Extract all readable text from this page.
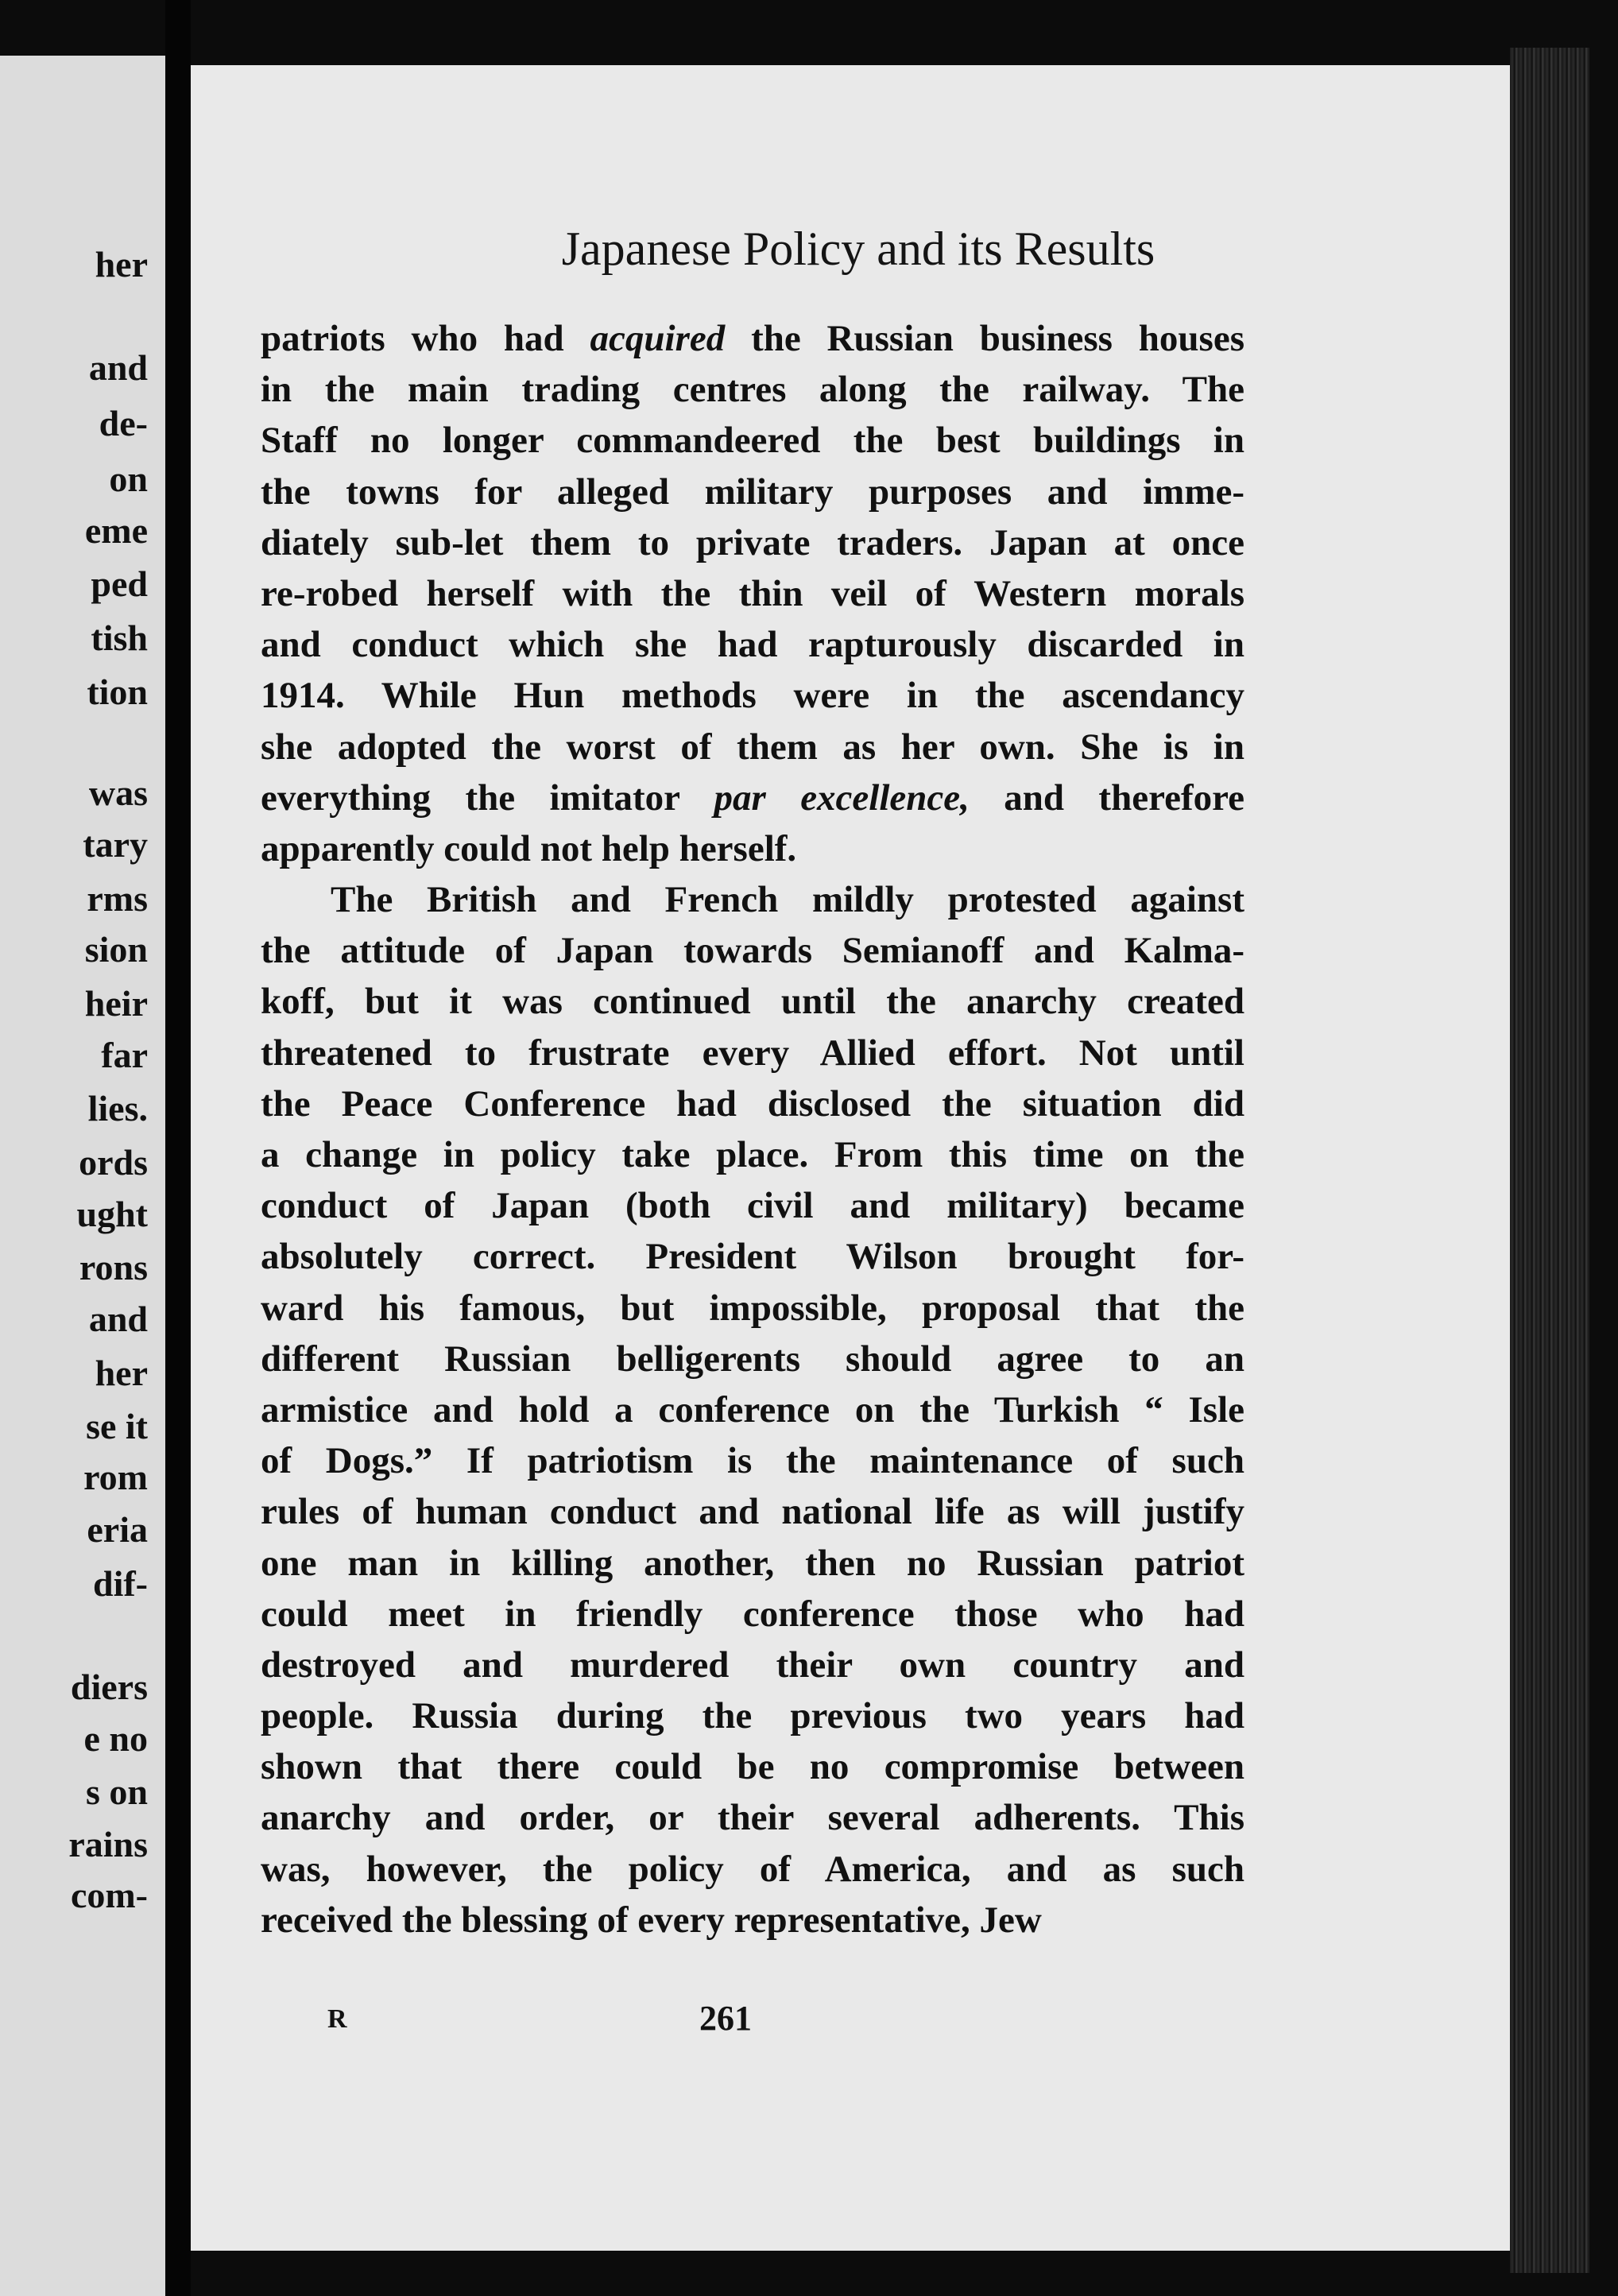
her
and
de-
on
eme
ped
tish
tion
was
tary
rms
sion
heir
far
lies.
ords
ught
rons
and
her
se it
rom
eria
dif-
diers
e no
s on
rains
com-
Japanese Policy and its Results
patriots who had acquired the Russian business houses
in the main trading centres along the railway. The
Staff no longer commandeered the best buildings in
the towns for alleged military purposes and imme-
diately sub-let them to private traders. Japan at once
re-robed herself with the thin veil of Western morals
and conduct which she had rapturously discarded in
1914. While Hun methods were in the ascendancy
she adopted the worst of them as her own. She is in
everything the imitator par excellence, and therefore
apparently could not help herself.
The British and French mildly protested against
the attitude of Japan towards Semianoff and Kalma-
koff, but it was continued until the anarchy created
threatened to frustrate every Allied effort. Not until
the Peace Conference had disclosed the situation did
a change in policy take place. From this time on the
conduct of Japan (both civil and military) became
absolutely correct. President Wilson brought for-
ward his famous, but impossible, proposal that the
different Russian belligerents should agree to an
armistice and hold a conference on the Turkish “ Isle
of Dogs.” If patriotism is the maintenance of such
rules of human conduct and national life as will justify
one man in killing another, then no Russian patriot
could meet in friendly conference those who had
destroyed and murdered their own country and
people. Russia during the previous two years had
shown that there could be no compromise between
anarchy and order, or their several adherents. This
was, however, the policy of America, and as such
received the blessing of every representative, Jew
R	261
